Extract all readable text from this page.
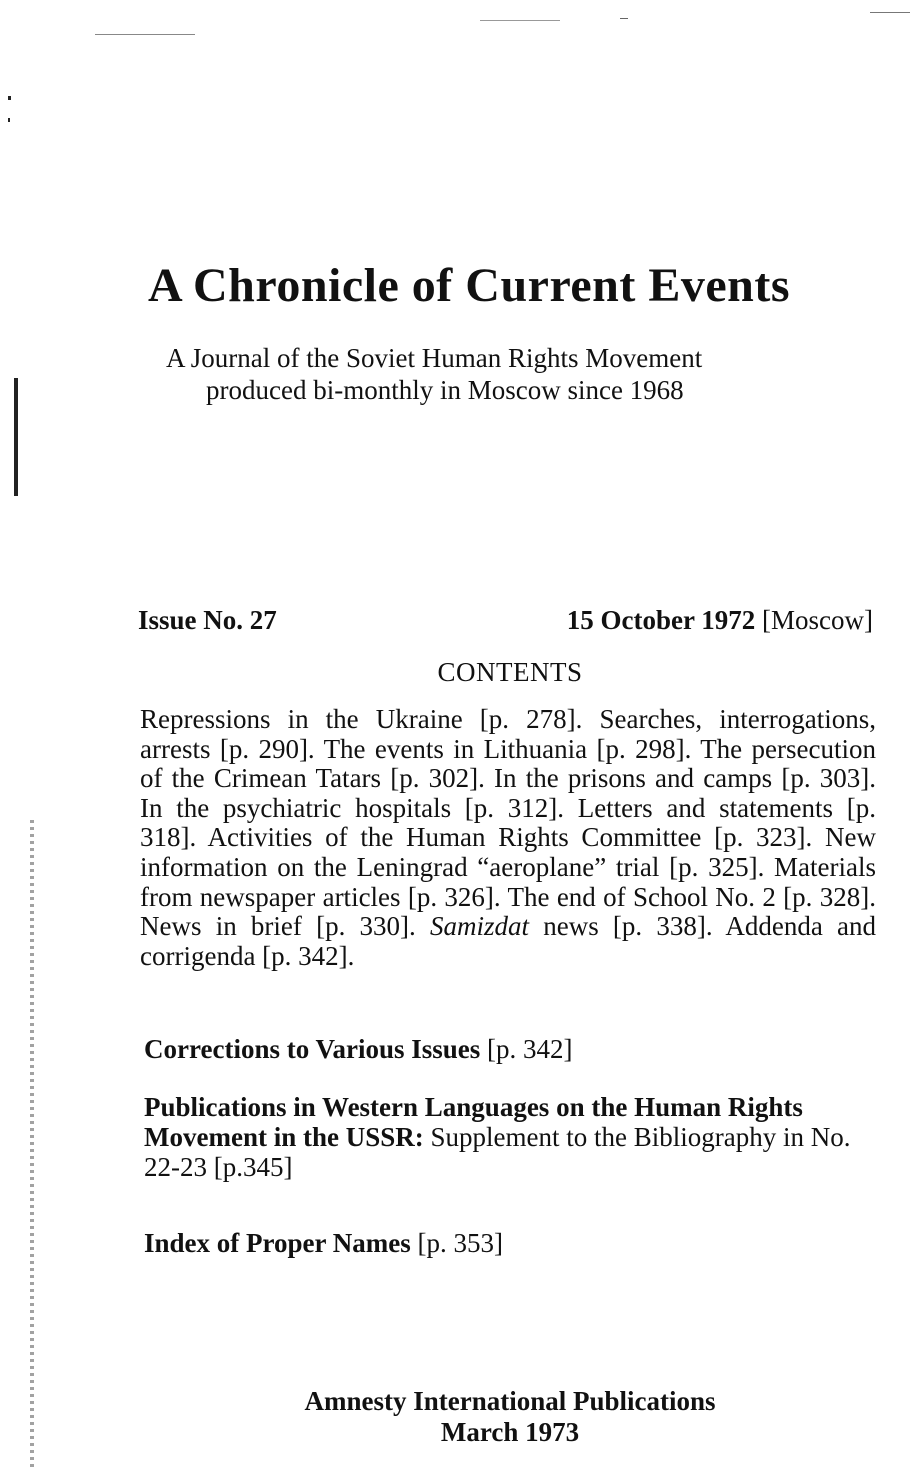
A Chronicle of Current Events
A Journal of the Soviet Human Rights Movement
produced bi-monthly in Moscow since 1968
Issue No. 27	15 October 1972 [Moscow]
CONTENTS
Repressions in the Ukraine [p. 278]. Searches, interrogations, arrests [p. 290]. The events in Lithuania [p. 298]. The persecution of the Crimean Tatars [p. 302]. In the prisons and camps [p. 303]. In the psychiatric hospitals [p. 312]. Letters and statements [p. 318]. Activities of the Human Rights Committee [p. 323]. New information on the Leningrad “aeroplane” trial [p. 325]. Materials from newspaper articles [p. 326]. The end of School No. 2 [p. 328]. News in brief [p. 330]. Samizdat news [p. 338]. Addenda and corrigenda [p. 342].
Corrections to Various Issues [p. 342]
Publications in Western Languages on the Human Rights Movement in the USSR: Supplement to the Bibliography in No. 22-23 [p.345]
Index of Proper Names [p. 353]
Amnesty International Publications
March 1973
